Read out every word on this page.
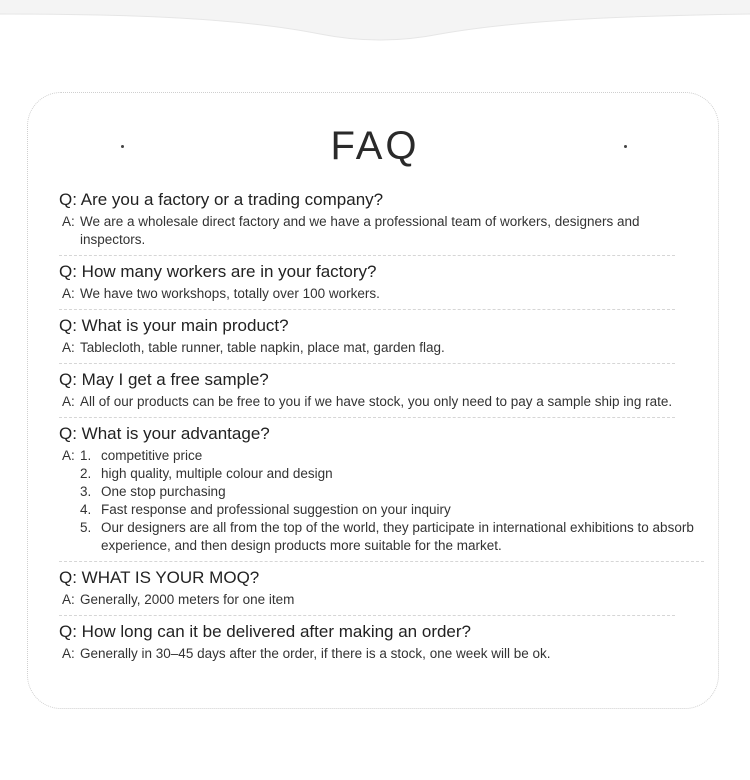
FAQ
Q: Are you a factory or a trading company?
A: We are a wholesale direct factory and we have a professional team of workers, designers and inspectors.
Q: How many workers are in your factory?
A: We have two workshops, totally over 100 workers.
Q: What is your main product?
A: Tablecloth, table runner, table napkin, place mat, garden flag.
Q: May I get a free sample?
A: All of our products can be free to you if we have stock, you only need to pay a sample ship ing rate.
Q: What is your advantage?
A: 1. competitive price
2. high quality, multiple colour and design
3. One stop purchasing
4. Fast response and professional suggestion on your inquiry
5. Our designers are all from the top of the world, they participate in international exhibitions to absorb experience, and then design products more suitable for the market.
Q: WHAT IS YOUR MOQ?
A: Generally, 2000 meters for one item
Q: How long can it be delivered after making an order?
A: Generally in 30–45 days after the order, if there is a stock, one week will be ok.
